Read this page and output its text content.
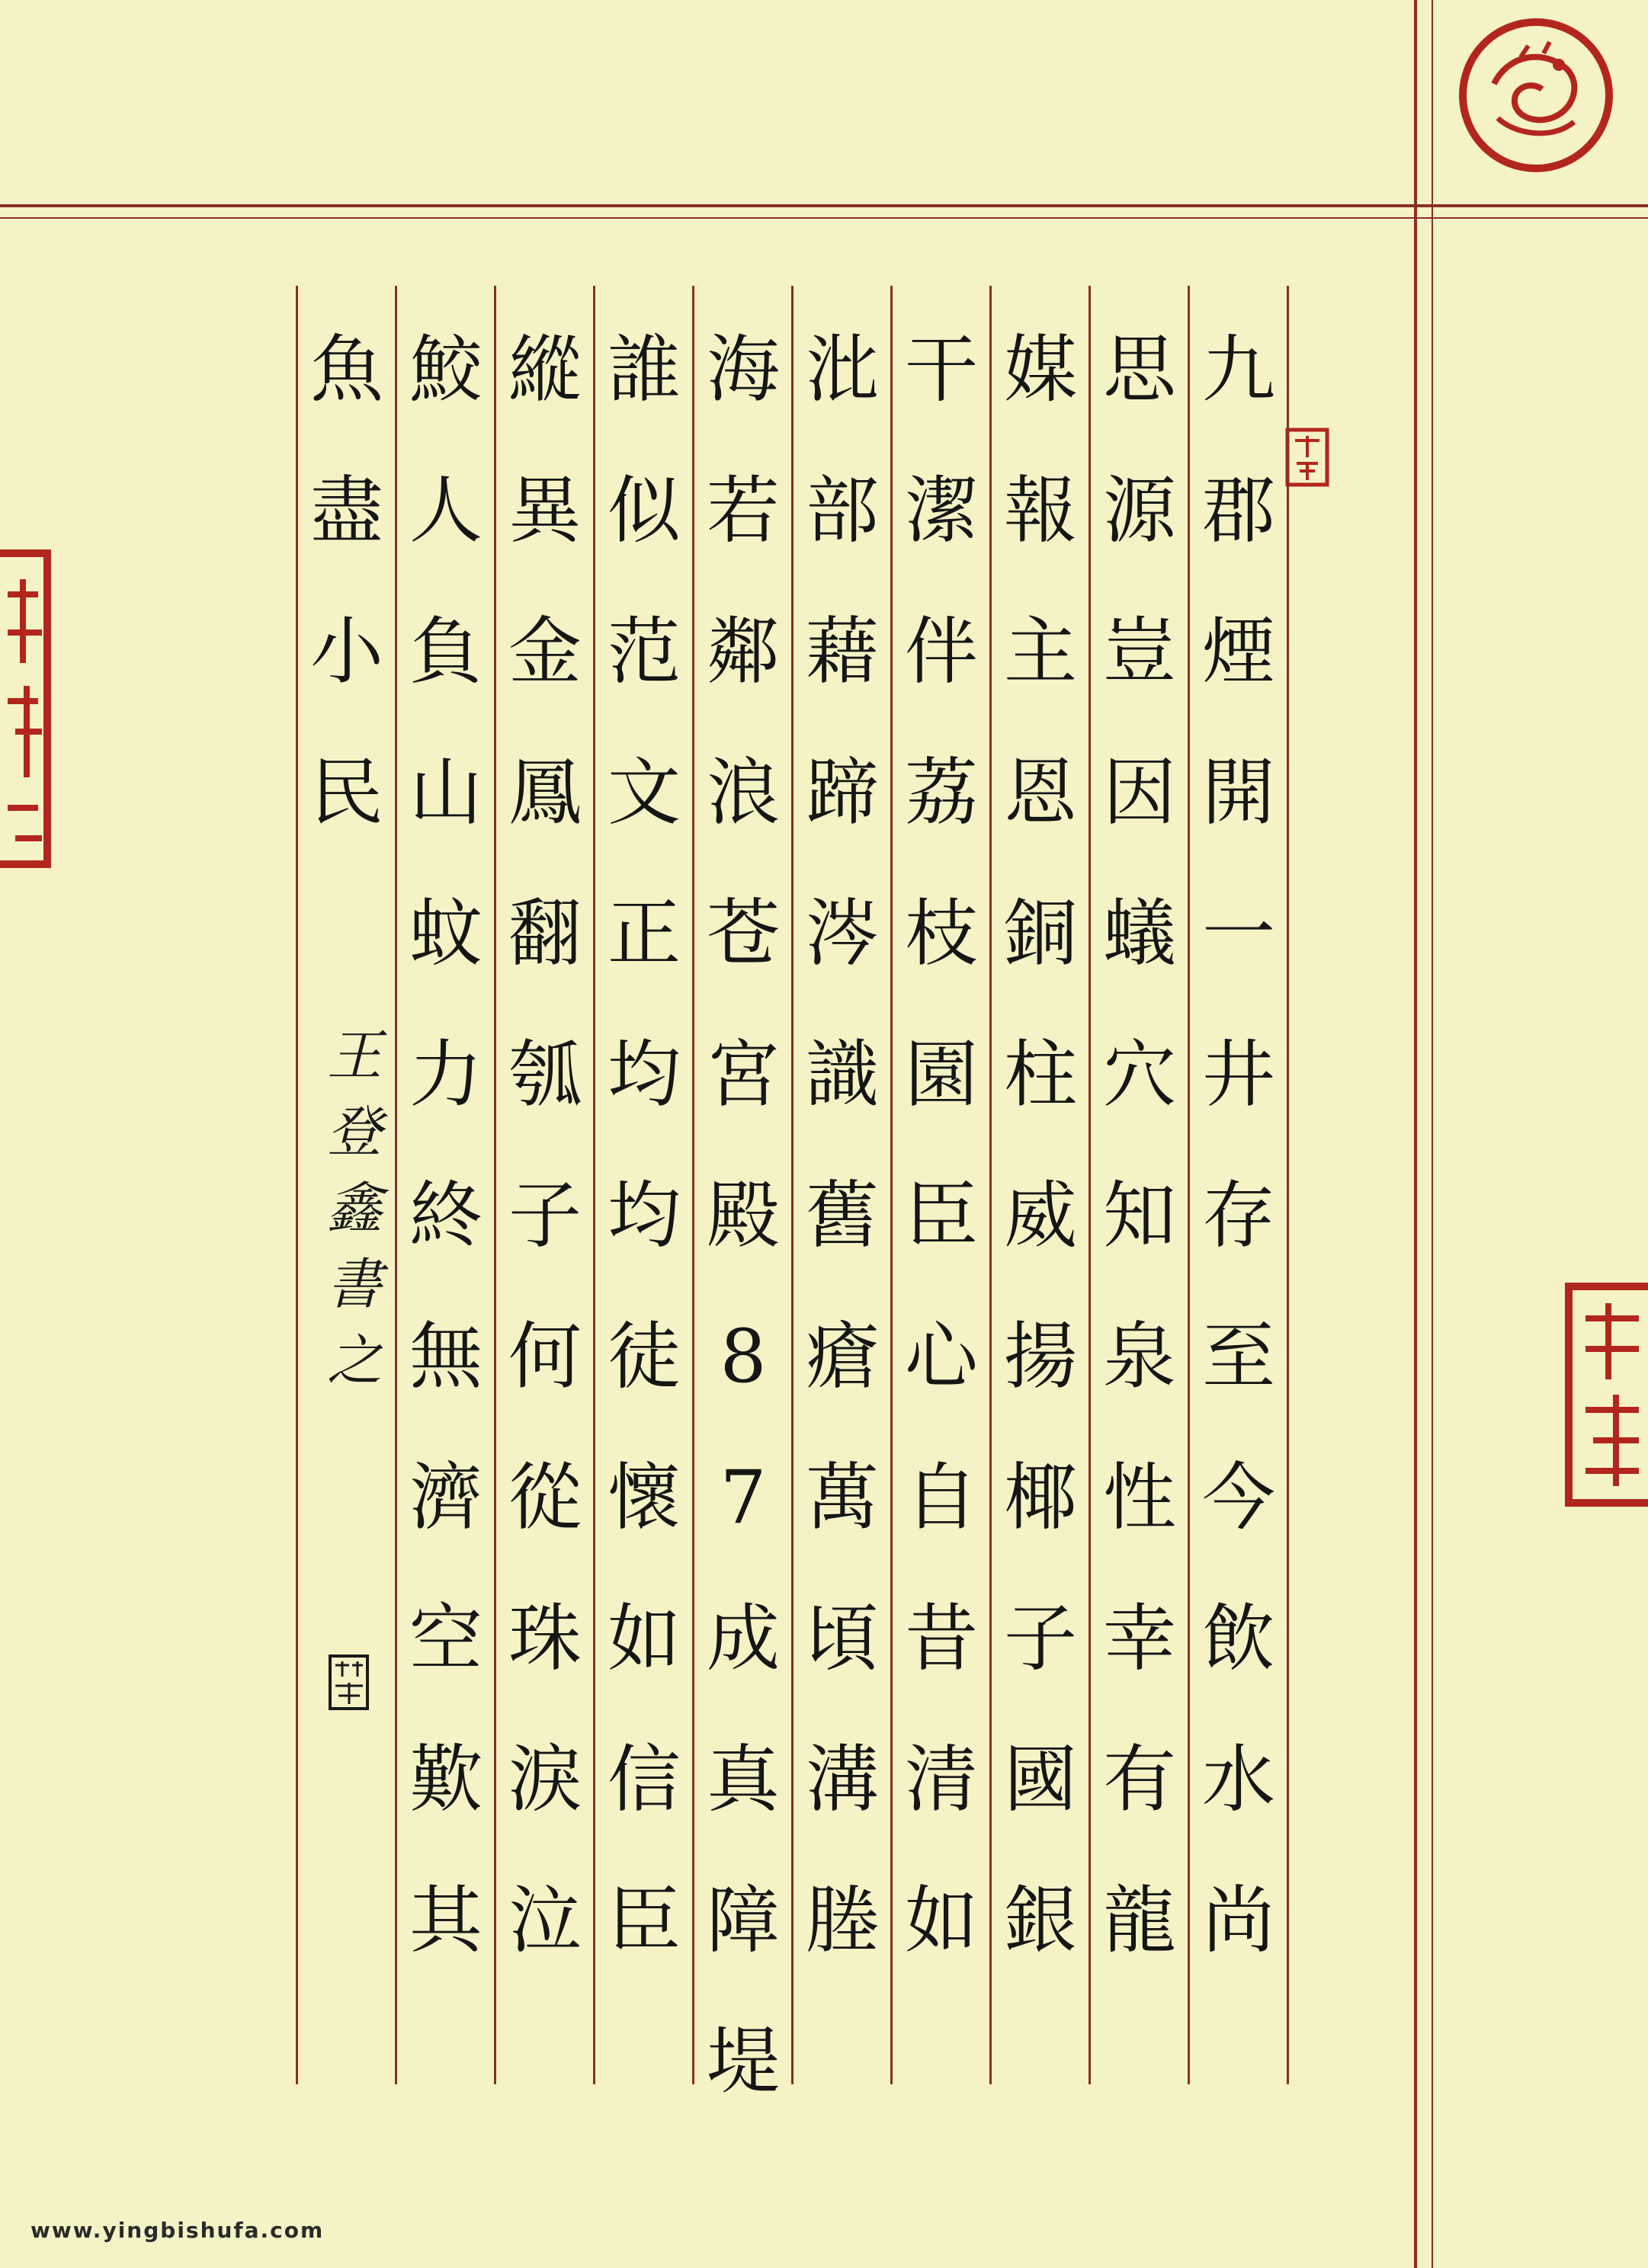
九
郡
煙
開
一
井
存
至
今
飲
水
尚
思
源
豈
因
蟻
穴
知
泉
性
幸
有
龍
媒
報
主
恩
銅
柱
威
揚
椰
子
國
銀
干
潔
伴
荔
枝
園
臣
心
自
昔
清
如
沘
部
藉
蹄
涔
識
舊
瘡
萬
頃
溝
塍
海
若
鄰
浪
苍
宮
殿
8
7
成
真
障
堤
誰
似
范
文
正
均
均
徒
懷
如
信
臣
縱
異
金
鳳
翻
瓠
子
何
從
珠
淚
泣
鮫
人
負
山
蚊
力
終
無
濟
空
歎
其
魚
盡
小
民
王
登
鑫
書
之
www.yingbishufa.com
